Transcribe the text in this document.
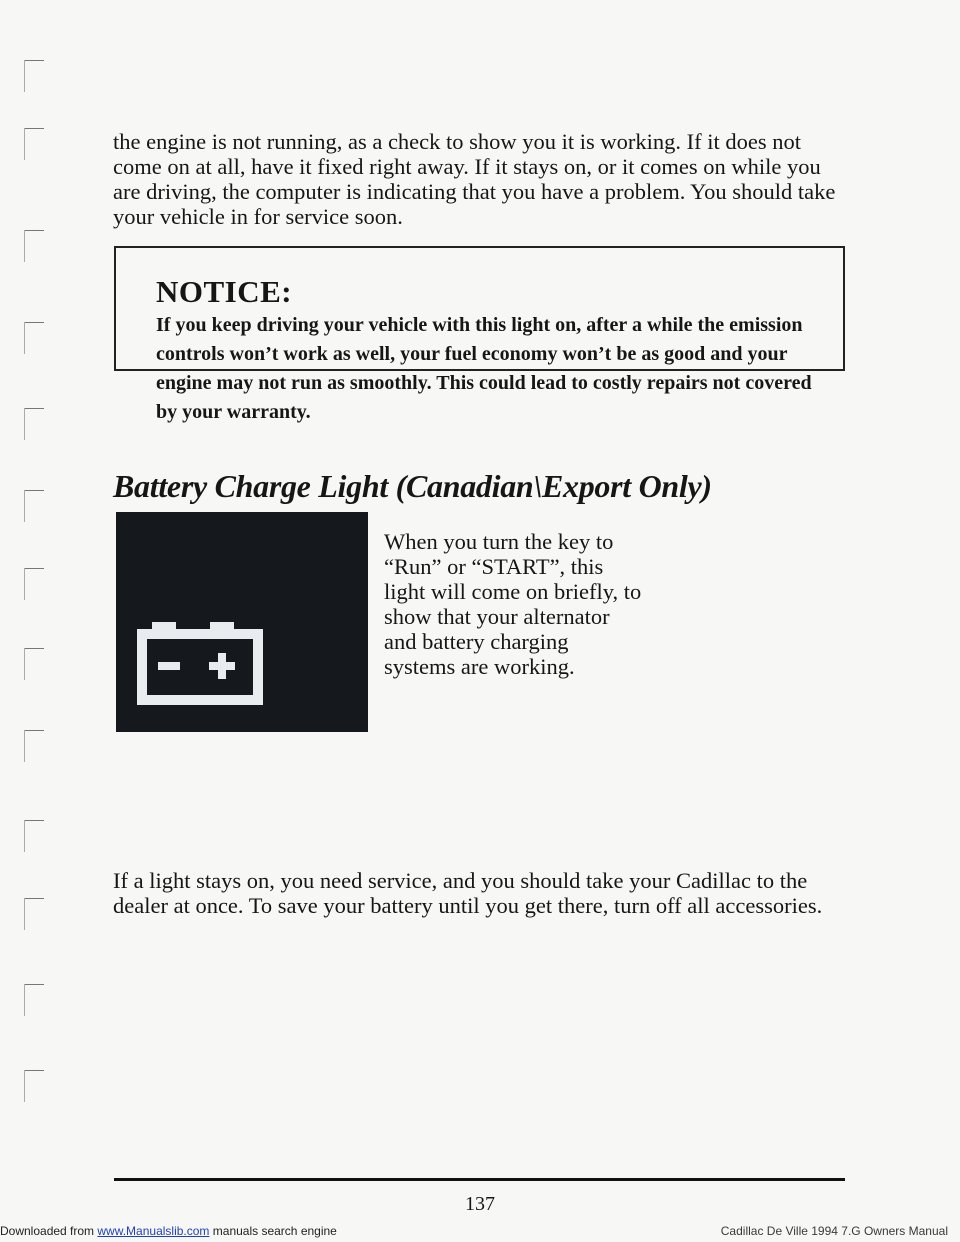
the engine is not running, as a check to show you it is working. If it does not come on at all, have it fixed right away. If it stays on, or it comes on while you are driving, the computer is indicating that you have a problem. You should take your vehicle in for service soon.

NOTICE:

If you keep driving your vehicle with this light on, after a while the emission controls won’t work as well, your fuel economy won’t be as good and your engine may not run as smoothly. This could lead to costly repairs not covered by your warranty.

Battery Charge Light (Canadian\Export Only)

When you turn the key to “Run” or “START”, this light will come on briefly, to show that your alternator and battery charging systems are working.

If a light stays on, you need service, and you should take your Cadillac to the dealer at once. To save your battery until you get there, turn off all accessories.

137

Downloaded from www.Manualslib.com manuals search engine	Cadillac De Ville 1994 7.G Owners Manual
